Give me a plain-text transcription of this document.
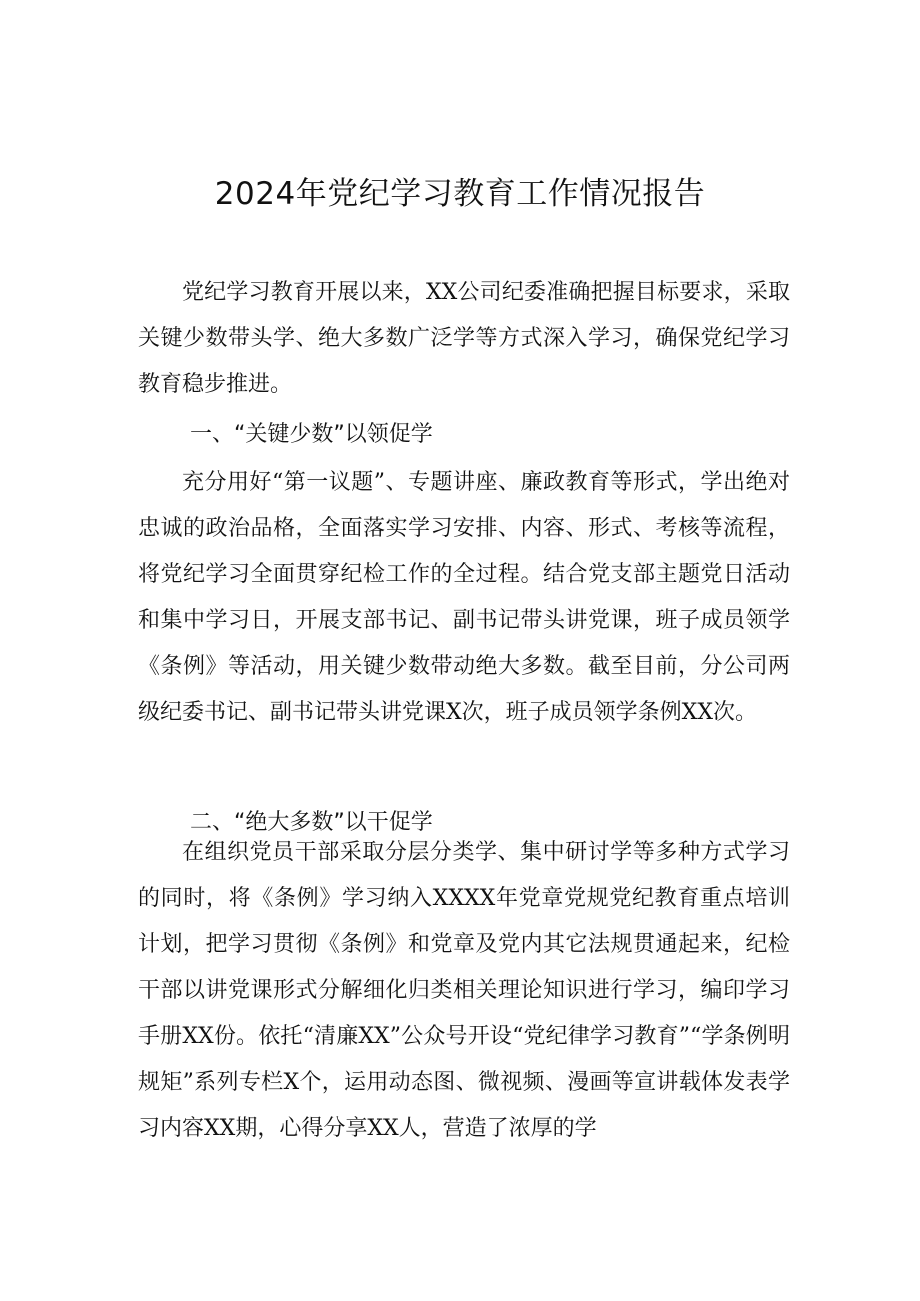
2024年党纪学习教育工作情况报告
党纪学习教育开展以来，XX公司纪委准确把握目标要求，采取关键少数带头学、绝大多数广泛学等方式深入学习，确保党纪学习教育稳步推进。
一、“关键少数”以领促学
充分用好“第一议题”、专题讲座、廉政教育等形式，学出绝对忠诚的政治品格，全面落实学习安排、内容、形式、考核等流程，将党纪学习全面贯穿纪检工作的全过程。结合党支部主题党日活动和集中学习日，开展支部书记、副书记带头讲党课，班子成员领学《条例》等活动，用关键少数带动绝大多数。截至目前，分公司两级纪委书记、副书记带头讲党课X次，班子成员领学条例XX次。
二、“绝大多数”以干促学
在组织党员干部采取分层分类学、集中研讨学等多种方式学习的同时，将《条例》学习纳入XXXX年党章党规党纪教育重点培训计划，把学习贯彻《条例》和党章及党内其它法规贯通起来，纪检干部以讲党课形式分解细化归类相关理论知识进行学习，编印学习手册XX份。依托“清廉XX”公众号开设“党纪律学习教育”“学条例明规矩”系列专栏X个，运用动态图、微视频、漫画等宣讲载体发表学习内容XX期，心得分享XX人，营造了浓厚的学
